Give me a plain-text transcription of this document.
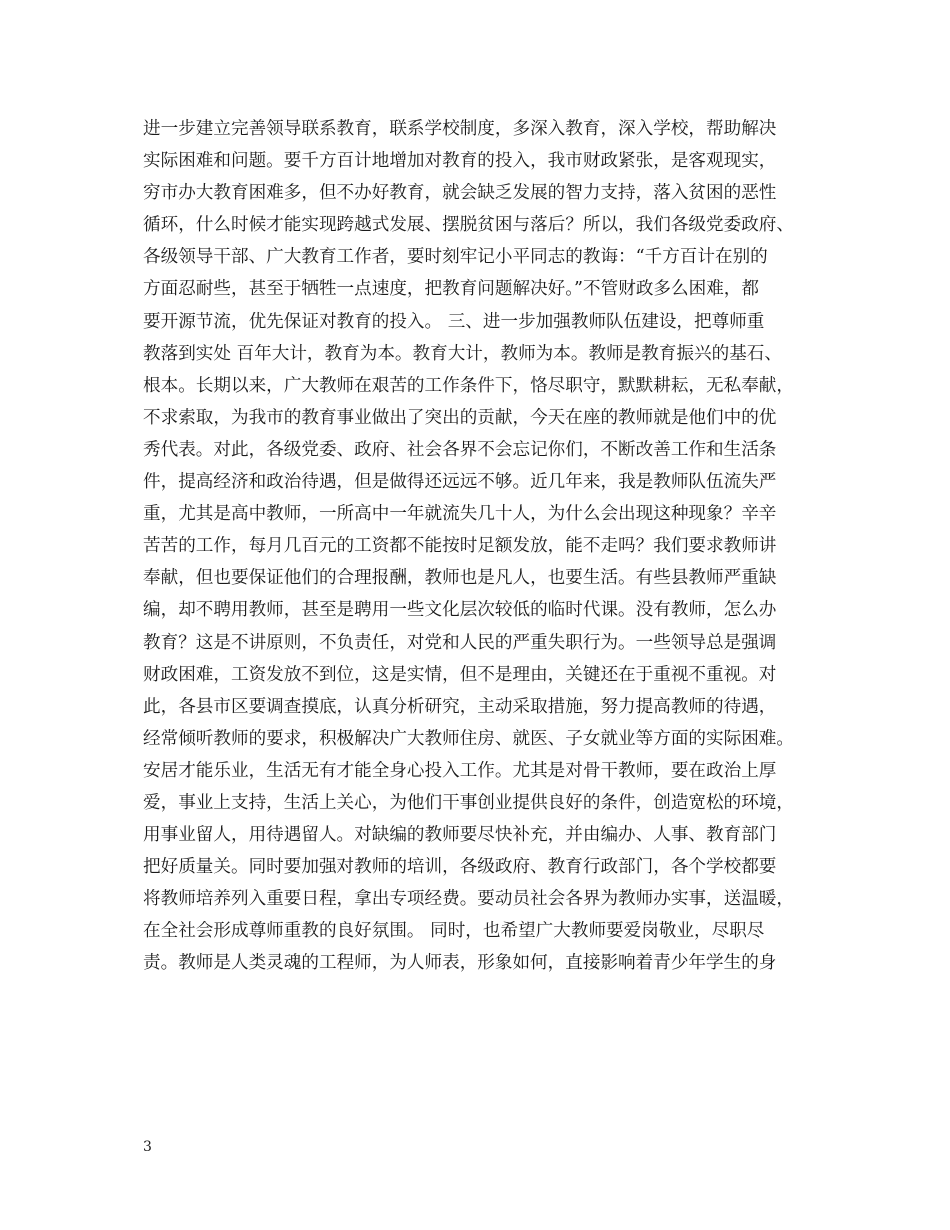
进一步建立完善领导联系教育，联系学校制度，多深入教育，深入学校，帮助解决
实际困难和问题。要千方百计地增加对教育的投入，我市财政紧张，是客观现实，
穷市办大教育困难多，但不办好教育，就会缺乏发展的智力支持，落入贫困的恶性
循环，什么时候才能实现跨越式发展、摆脱贫困与落后？所以，我们各级党委政府、
各级领导干部、广大教育工作者，要时刻牢记小平同志的教诲：“千方百计在别的
方面忍耐些，甚至于牺牲一点速度，把教育问题解决好。”不管财政多么困难，都
要开源节流，优先保证对教育的投入。 三、进一步加强教师队伍建设，把尊师重
教落到实处 百年大计，教育为本。教育大计，教师为本。教师是教育振兴的基石、
根本。长期以来，广大教师在艰苦的工作条件下，恪尽职守，默默耕耘，无私奉献，
不求索取，为我市的教育事业做出了突出的贡献，今天在座的教师就是他们中的优
秀代表。对此，各级党委、政府、社会各界不会忘记你们，不断改善工作和生活条
件，提高经济和政治待遇，但是做得还远远不够。近几年来，我是教师队伍流失严
重，尤其是高中教师，一所高中一年就流失几十人，为什么会出现这种现象？辛辛
苦苦的工作，每月几百元的工资都不能按时足额发放，能不走吗？我们要求教师讲
奉献，但也要保证他们的合理报酬，教师也是凡人，也要生活。有些县教师严重缺
编，却不聘用教师，甚至是聘用一些文化层次较低的临时代课。没有教师，怎么办
教育？这是不讲原则，不负责任，对党和人民的严重失职行为。一些领导总是强调
财政困难，工资发放不到位，这是实情，但不是理由，关键还在于重视不重视。对
此，各县市区要调查摸底，认真分析研究，主动采取措施，努力提高教师的待遇，
经常倾听教师的要求，积极解决广大教师住房、就医、子女就业等方面的实际困难。
安居才能乐业，生活无有才能全身心投入工作。尤其是对骨干教师，要在政治上厚
爱，事业上支持，生活上关心，为他们干事创业提供良好的条件，创造宽松的环境，
用事业留人，用待遇留人。对缺编的教师要尽快补充，并由编办、人事、教育部门
把好质量关。同时要加强对教师的培训，各级政府、教育行政部门，各个学校都要
将教师培养列入重要日程，拿出专项经费。要动员社会各界为教师办实事，送温暖，
在全社会形成尊师重教的良好氛围。 同时，也希望广大教师要爱岗敬业，尽职尽
责。教师是人类灵魂的工程师，为人师表，形象如何，直接影响着青少年学生的身
3
